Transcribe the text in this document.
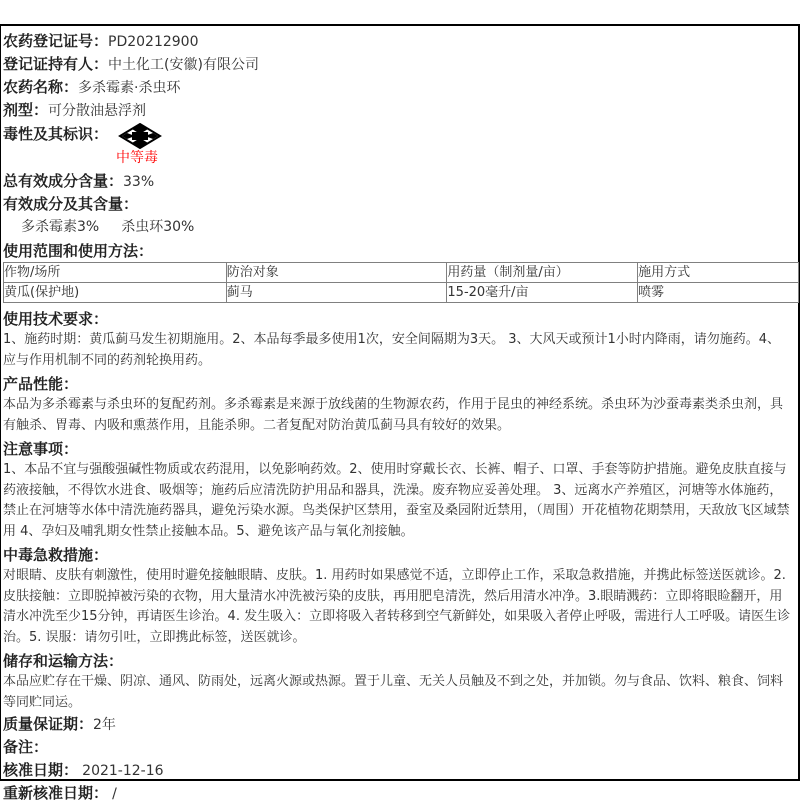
农药登记证号：PD20212900
登记证持有人：中土化工(安徽)有限公司
农药名称：多杀霉素·杀虫环
剂型：可分散油悬浮剂
毒性及其标识：
中等毒
总有效成分含量：33%
有效成分及其含量：
多杀霉素3% 杀虫环30%
使用范围和使用方法：
作物/场所	防治对象	用药量（制剂量/亩）	施用方式
黄瓜(保护地)	蓟马	15-20毫升/亩	喷雾
使用技术要求：
1、施药时期：黄瓜蓟马发生初期施用。2、本品每季最多使用1次，安全间隔期为3天。 3、大风天或预计1小时内降雨，请勿施药。4、应与作用机制不同的药剂轮换用药。
产品性能：
本品为多杀霉素与杀虫环的复配药剂。多杀霉素是来源于放线菌的生物源农药，作用于昆虫的神经系统。杀虫环为沙蚕毒素类杀虫剂，具有触杀、胃毒、内吸和熏蒸作用，且能杀卵。二者复配对防治黄瓜蓟马具有较好的效果。
注意事项：
1、本品不宜与强酸强碱性物质或农药混用，以免影响药效。2、使用时穿戴长衣、长裤、帽子、口罩、手套等防护措施。避免皮肤直接与药液接触，不得饮水进食、吸烟等；施药后应清洗防护用品和器具，洗澡。废弃物应妥善处理。 3、远离水产养殖区，河塘等水体施药，禁止在河塘等水体中清洗施药器具，避免污染水源。鸟类保护区禁用，蚕室及桑园附近禁用，（周围）开花植物花期禁用，天敌放飞区域禁用 4、孕妇及哺乳期女性禁止接触本品。5、避免该产品与氧化剂接触。
中毒急救措施：
对眼睛、皮肤有刺激性，使用时避免接触眼睛、皮肤。1. 用药时如果感觉不适，立即停止工作，采取急救措施，并携此标签送医就诊。2.皮肤接触：立即脱掉被污染的衣物，用大量清水冲洗被污染的皮肤，再用肥皂清洗，然后用清水冲净。3.眼睛溅药：立即将眼睑翻开，用清水冲洗至少15分钟，再请医生诊治。4. 发生吸入：立即将吸入者转移到空气新鲜处，如果吸入者停止呼吸，需进行人工呼吸。请医生诊治。5. 误服：请勿引吐，立即携此标签，送医就诊。
储存和运输方法：
本品应贮存在干燥、阴凉、通风、防雨处，远离火源或热源。置于儿童、无关人员触及不到之处，并加锁。勿与食品、饮料、粮食、饲料等同贮同运。
质量保证期：2年
备注：
核准日期： 2021-12-16
重新核准日期： /
